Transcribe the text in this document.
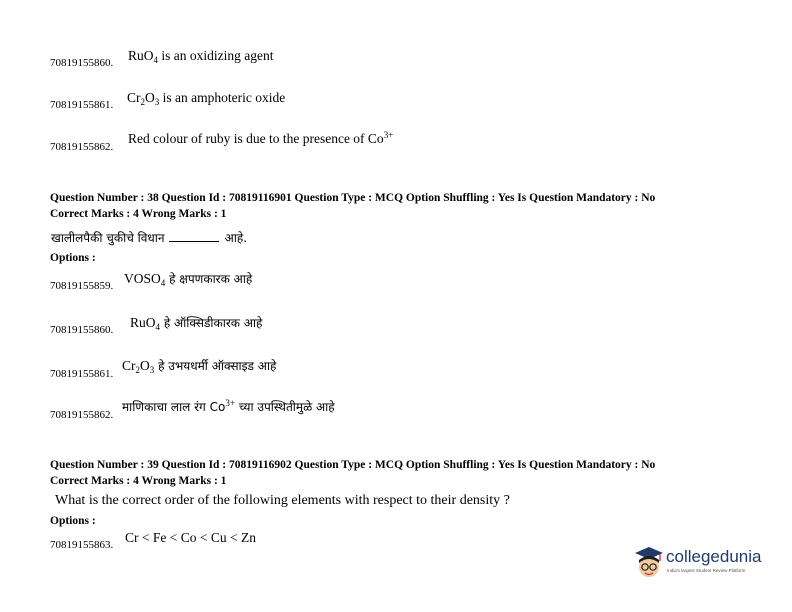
70819155860. RuO$_4$ is an oxidizing agent
70819155861. $Cr_2O_3$ is an amphoteric oxide
70819155862.
Red colour of ruby is due to the presence of $Co^{3+}$
Question Number : 38 Question Id : 70819116901 Question Type : MCQ Option Shuffling : Yes Is Question Mandatory : No
Correct Marks : 4 Wrong Marks : 1
खालीलपैकी चुकीचे विधान	आहे.
Options :
70819155859. $VOSO_4$ हे क्षपणकारक आहे
70819155860. RuO$_4$ हे ऑक्सिडीकारक आहे
70819155861.
$Cr_2O_3$ हे उभयधर्मी ऑक्साइड आहे
70819155862.
माणिकाचा लाल रंग $Co^{3+}$ च्या उपस्थितीमुळे आहे
Question Number : 39 Question Id : 70819116902 Question Type : MCQ Option Shuffling : Yes Is Question Mandatory : No
Correct Marks : 4 Wrong Marks : 1
What is the correct order of the following elements with respect to their density ?
Options :
70819155863. Cr < Fe < Co < Cu < Zn
collegedunia
India's largest Student Review Platform
